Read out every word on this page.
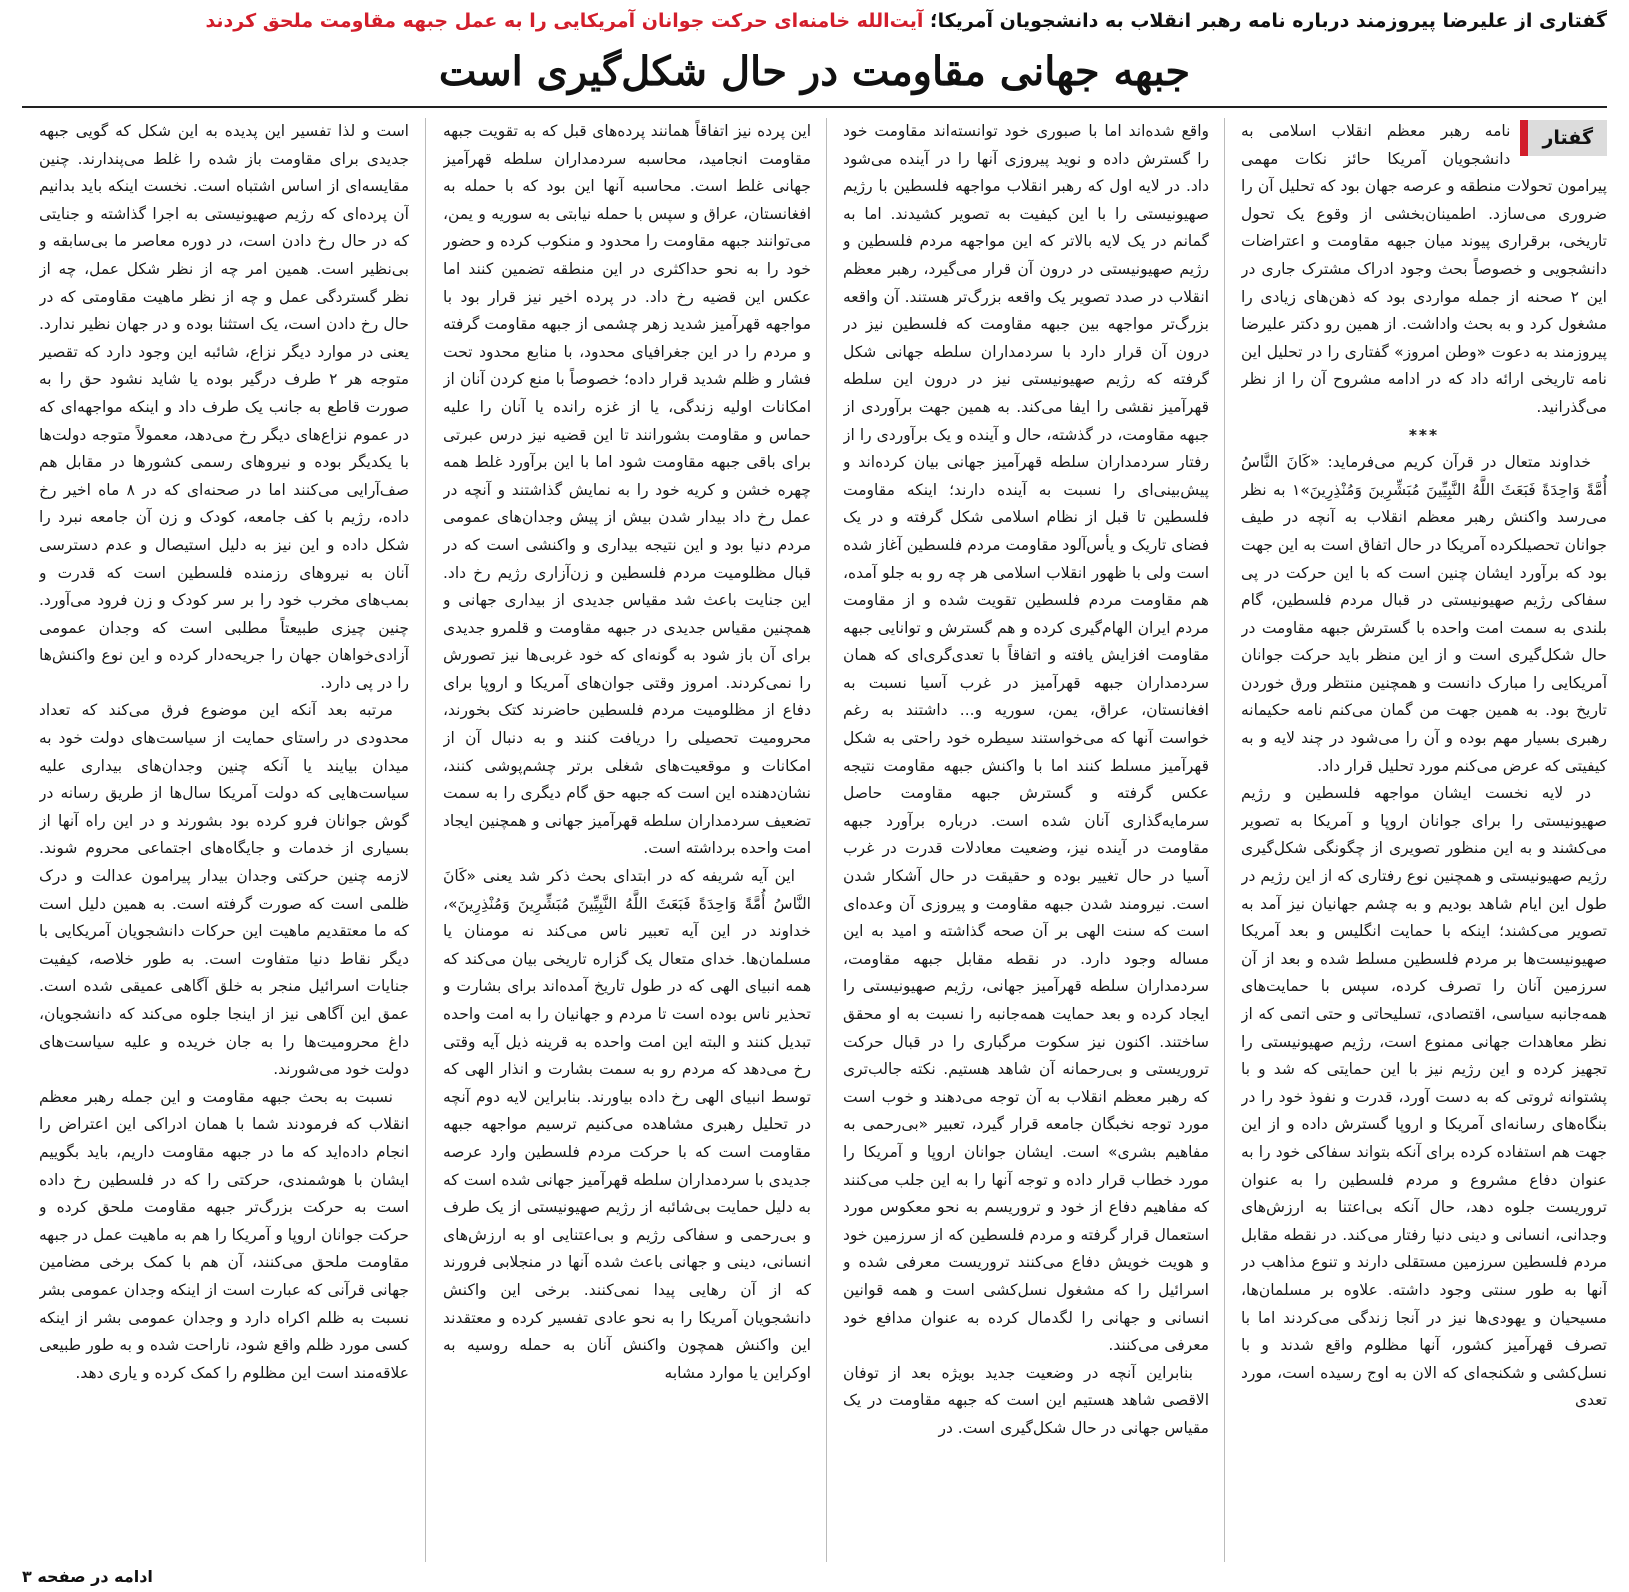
گفتاری از علیرضا پیروزمند درباره نامه رهبر انقلاب به دانشجویان آمریکا؛ آیت‌الله خامنه‌ای حرکت جوانان آمریکایی را به عمل جبهه مقاومت ملحق کردند
جبهه جهانی مقاومت در حال شکل‌گیری است
گفتار

نامه رهبر معظم انقلاب اسلامی به دانشجویان آمریکا حائز نکات مهمی پیرامون تحولات منطقه و عرصه جهان بود که تحلیل آن را ضروری می‌سازد. اطمینان‌بخشی از وقوع یک تحول تاریخی، برقراری پیوند میان جبهه مقاومت و اعتراضات دانشجویی و خصوصاً بحث وجود ادراک مشترک جاری در این ۲ صحنه از جمله مواردی بود که ذهن‌های زیادی را مشغول کرد و به بحث واداشت. از همین رو دکتر علیرضا پیروزمند به دعوت «وطن امروز» گفتاری را در تحلیل این نامه تاریخی ارائه داد که در ادامه مشروح آن را از نظر می‌گذرانید.

***

خداوند متعال در قرآن کریم می‌فرماید: «کَانَ النَّاسُ أُمَّةً وَاحِدَةً فَبَعَثَ اللَّهُ النَّبِيِّينَ مُبَشِّرِينَ وَمُنْذِرِينَ»۱ به نظر می‌رسد واکنش رهبر معظم انقلاب به آنچه در طیف جوانان تحصیلکرده آمریکا در حال اتفاق است به این جهت بود که برآورد ایشان چنین است که با این حرکت در پی سفاکی رژیم صهیونیستی در قبال مردم فلسطین، گام بلندی به سمت امت واحده با گسترش جبهه مقاومت در حال شکل‌گیری است و از این منظر باید حرکت جوانان آمریکایی را مبارک دانست و همچنین منتظر ورق خوردن تاریخ بود. به همین جهت من گمان می‌کنم نامه حکیمانه رهبری بسیار مهم بوده و آن را می‌شود در چند لایه و به کیفیتی که عرض می‌کنم مورد تحلیل قرار داد.

در لایه نخست ایشان مواجهه فلسطین و رژیم صهیونیستی را برای جوانان اروپا و آمریکا به تصویر می‌کشند و به این منظور تصویری از چگونگی شکل‌گیری رژیم صهیونیستی و همچنین نوع رفتاری که از این رژیم در طول این ایام شاهد بودیم و به چشم جهانیان نیز آمد به تصویر می‌کشند؛ اینکه با حمایت انگلیس و بعد آمریکا صهیونیست‌ها بر مردم فلسطین مسلط شده و بعد از آن سرزمین آنان را تصرف کرده، سپس با حمایت‌های همه‌جانبه سیاسی، اقتصادی، تسلیحاتی و حتی اتمی که از نظر معاهدات جهانی ممنوع است، رژیم صهیونیستی را تجهیز کرده و این رژیم نیز با این حمایتی که شد و با پشتوانه ثروتی که به دست آورد، قدرت و نفوذ خود را در بنگاه‌های رسانه‌ای آمریکا و اروپا گسترش داده و از این جهت هم استفاده کرده برای آنکه بتواند سفاکی خود را به عنوان دفاع مشروع و مردم فلسطین را به عنوان تروریست جلوه دهد، حال آنکه بی‌اعتنا به ارزش‌های وجدانی، انسانی و دینی دنیا رفتار می‌کند. در نقطه مقابل مردم فلسطین سرزمین مستقلی دارند و تنوع مذاهب در آنها به طور سنتی وجود داشته. علاوه بر مسلمان‌ها، مسیحیان و یهودی‌ها نیز در آنجا زندگی می‌کردند اما با تصرف قهرآمیز کشور، آنها مظلوم واقع شدند و با نسل‌کشی و شکنجه‌ای که الان به اوج رسیده است، مورد تعدی

واقع شده‌اند اما با صبوری خود توانسته‌اند مقاومت خود را گسترش داده و نوید پیروزی آنها را در آینده می‌شود داد. در لایه اول که رهبر انقلاب مواجهه فلسطین با رژیم صهیونیستی را با این کیفیت به تصویر کشیدند. اما به گمانم در یک لایه بالاتر که این مواجهه مردم فلسطین و رژیم صهیونیستی در درون آن قرار می‌گیرد، رهبر معظم انقلاب در صدد تصویر یک واقعه بزرگ‌تر هستند. آن واقعه بزرگ‌تر مواجهه بین جبهه مقاومت که فلسطین نیز در درون آن قرار دارد با سردمداران سلطه جهانی شکل گرفته که رژیم صهیونیستی نیز در درون این سلطه قهرآمیز نقشی را ایفا می‌کند. به همین جهت برآوردی از جبهه مقاومت، در گذشته، حال و آینده و یک برآوردی را از رفتار سردمداران سلطه قهرآمیز جهانی بیان کرده‌اند و پیش‌بینی‌ای را نسبت به آینده دارند؛ اینکه مقاومت فلسطین تا قبل از نظام اسلامی شکل گرفته و در یک فضای تاریک و یأس‌آلود مقاومت مردم فلسطین آغاز شده است ولی با ظهور انقلاب اسلامی هر چه رو به جلو آمده، هم مقاومت مردم فلسطین تقویت شده و از مقاومت مردم ایران الهام‌گیری کرده و هم گسترش و توانایی جبهه مقاومت افزایش یافته و اتفاقاً با تعدی‌گری‌ای که همان سردمداران جبهه قهرآمیز در غرب آسیا نسبت به افغانستان، عراق، یمن، سوریه و... داشتند به رغم خواست آنها که می‌خواستند سیطره خود راحتی به شکل قهرآمیز مسلط کنند اما با واکنش جبهه مقاومت نتیجه عکس گرفته و گسترش جبهه مقاومت حاصل سرمایه‌گذاری آنان شده است. درباره برآورد جبهه مقاومت در آینده نیز، وضعیت معادلات قدرت در غرب آسیا در حال تغییر بوده و حقیقت در حال آشکار شدن است. نیرومند شدن جبهه مقاومت و پیروزی آن وعده‌ای است که سنت الهی بر آن صحه گذاشته و امید به این مساله وجود دارد. در نقطه مقابل جبهه مقاومت، سردمداران سلطه قهرآمیز جهانی، رژیم صهیونیستی را ایجاد کرده و بعد حمایت همه‌جانبه را نسبت به او محقق ساختند. اکنون نیز سکوت مرگباری را در قبال حرکت تروریستی و بی‌رحمانه آن شاهد هستیم. نکته جالب‌تری که رهبر معظم انقلاب به آن توجه می‌دهند و خوب است مورد توجه نخبگان جامعه قرار گیرد، تعبیر «بی‌رحمی به مفاهیم بشری» است. ایشان جوانان اروپا و آمریکا را مورد خطاب قرار داده و توجه آنها را به این جلب می‌کنند که مفاهیم دفاع از خود و تروریسم به نحو معکوس مورد استعمال قرار گرفته و مردم فلسطین که از سرزمین خود و هویت خویش دفاع می‌کنند تروریست معرفی شده و اسرائیل را که مشغول نسل‌کشی است و همه قوانین انسانی و جهانی را لگدمال کرده به عنوان مدافع خود معرفی می‌کنند.

بنابراین آنچه در وضعیت جدید بویژه بعد از توفان الاقصی شاهد هستیم این است که جبهه مقاومت در یک مقیاس جهانی در حال شکل‌گیری است. در

این پرده نیز اتفاقاً همانند پرده‌های قبل که به تقویت جبهه مقاومت انجامید، محاسبه سردمداران سلطه قهرآمیز جهانی غلط است. محاسبه آنها این بود که با حمله به افغانستان، عراق و سپس با حمله نیابتی به سوریه و یمن، می‌توانند جبهه مقاومت را محدود و منکوب کرده و حضور خود را به نحو حداکثری در این منطقه تضمین کنند اما عکس این قضیه رخ داد. در پرده اخیر نیز قرار بود با مواجهه قهرآمیز شدید زهر چشمی از جبهه مقاومت گرفته و مردم را در این جغرافیای محدود، با منابع محدود تحت فشار و ظلم شدید قرار داده؛ خصوصاً با منع کردن آنان از امکانات اولیه زندگی، یا از غزه رانده یا آنان را علیه حماس و مقاومت بشورانند تا این قضیه نیز درس عبرتی برای باقی جبهه مقاومت شود اما با این برآورد غلط همه چهره خشن و کریه خود را به نمایش گذاشتند و آنچه در عمل رخ داد بیدار شدن بیش از پیش وجدان‌های عمومی مردم دنیا بود و این نتیجه بیداری و واکنشی است که در قبال مظلومیت مردم فلسطین و زن‌آزاری رژیم رخ داد. این جنایت باعث شد مقیاس جدیدی از بیداری جهانی و همچنین مقیاس جدیدی در جبهه مقاومت و قلمرو جدیدی برای آن باز شود به گونه‌ای که خود غربی‌ها نیز تصورش را نمی‌کردند. امروز وقتی جوان‌های آمریکا و اروپا برای دفاع از مظلومیت مردم فلسطین حاضرند کتک بخورند، محرومیت تحصیلی را دریافت کنند و به دنبال آن از امکانات و موقعیت‌های شغلی برتر چشم‌پوشی کنند، نشان‌دهنده این است که جبهه حق گام دیگری را به سمت تضعیف سردمداران سلطه قهرآمیز جهانی و همچنین ایجاد امت واحده برداشته است.

این آیه شریفه که در ابتدای بحث ذکر شد یعنی «کَانَ النَّاسُ أُمَّةً وَاحِدَةً فَبَعَثَ اللَّهُ النَّبِيِّينَ مُبَشِّرِينَ وَمُنْذِرِينَ»، خداوند در این آیه تعبیر ناس می‌کند نه مومنان یا مسلمان‌ها. خدای متعال یک گزاره تاریخی بیان می‌کند که همه انبیای الهی که در طول تاریخ آمده‌اند برای بشارت و تحذیر ناس بوده است تا مردم و جهانیان را به امت واحده تبدیل کنند و البته این امت واحده به قرینه ذیل آیه وقتی رخ می‌دهد که مردم رو به سمت بشارت و انذار الهی که توسط انبیای الهی رخ داده بیاورند. بنابراین لایه دوم آنچه در تحلیل رهبری مشاهده می‌کنیم ترسیم مواجهه جبهه مقاومت است که با حرکت مردم فلسطین وارد عرصه جدیدی با سردمداران سلطه قهرآمیز جهانی شده است که به دلیل حمایت بی‌شائبه از رژیم صهیونیستی از یک طرف و بی‌رحمی و سفاکی رژیم و بی‌اعتنایی او به ارزش‌های انسانی، دینی و جهانی باعث شده آنها در منجلابی فرورند که از آن رهایی پیدا نمی‌کنند. برخی این واکنش دانشجویان آمریکا را به نحو عادی تفسیر کرده و معتقدند این واکنش همچون واکنش آنان به حمله روسیه به اوکراین یا موارد مشابه

است و لذا تفسیر این پدیده به این شکل که گویی جبهه جدیدی برای مقاومت باز شده را غلط می‌پندارند. چنین مقایسه‌ای از اساس اشتباه است. نخست اینکه باید بدانیم آن پرده‌ای که رژیم صهیونیستی به اجرا گذاشته و جنایتی که در حال رخ دادن است، در دوره معاصر ما بی‌سابقه و بی‌نظیر است. همین امر چه از نظر شکل عمل، چه از نظر گستردگی عمل و چه از نظر ماهیت مقاومتی که در حال رخ دادن است، یک استثنا بوده و در جهان نظیر ندارد. یعنی در موارد دیگر نزاع، شائبه این وجود دارد که تقصیر متوجه هر ۲ طرف درگیر بوده یا شاید نشود حق را به صورت قاطع به جانب یک طرف داد و اینکه مواجهه‌ای که در عموم نزاع‌های دیگر رخ می‌دهد، معمولاً متوجه دولت‌ها با یکدیگر بوده و نیروهای رسمی کشورها در مقابل هم صف‌آرایی می‌کنند اما در صحنه‌ای که در ۸ ماه اخیر رخ داده، رژیم با کف جامعه، کودک و زن آن جامعه نبرد را شکل داده و این نیز به دلیل استیصال و عدم دسترسی آنان به نیروهای رزمنده فلسطین است که قدرت و بمب‌های مخرب خود را بر سر کودک و زن فرود می‌آورد. چنین چیزی طبیعتاً مطلبی است که وجدان عمومی آزادی‌خواهان جهان را جریحه‌دار کرده و این نوع واکنش‌ها را در پی دارد.

مرتبه بعد آنکه این موضوع فرق می‌کند که تعداد محدودی در راستای حمایت از سیاست‌های دولت خود به میدان بیایند یا آنکه چنین وجدان‌های بیداری علیه سیاست‌هایی که دولت آمریکا سال‌ها از طریق رسانه در گوش جوانان فرو کرده بود بشورند و در این راه آنها از بسیاری از خدمات و جایگاه‌های اجتماعی محروم شوند. لازمه چنین حرکتی وجدان بیدار پیرامون عدالت و درک ظلمی است که صورت گرفته است. به همین دلیل است که ما معتقدیم ماهیت این حرکات دانشجویان آمریکایی با دیگر نقاط دنیا متفاوت است. به طور خلاصه، کیفیت جنایات اسرائیل منجر به خلق آگاهی عمیقی شده است. عمق این آگاهی نیز از اینجا جلوه می‌کند که دانشجویان، داغ محرومیت‌ها را به جان خریده و علیه سیاست‌های دولت خود می‌شورند.

نسبت به بحث جبهه مقاومت و این جمله رهبر معظم انقلاب که فرمودند شما با همان ادراکی این اعتراض را انجام داده‌اید که ما در جبهه مقاومت داریم، باید بگوییم ایشان با هوشمندی، حرکتی را که در فلسطین رخ داده است به حرکت بزرگ‌تر جبهه مقاومت ملحق کرده و حرکت جوانان اروپا و آمریکا را هم به ماهیت عمل در جبهه مقاومت ملحق می‌کنند، آن هم با کمک برخی مضامین جهانی قرآنی که عبارت است از اینکه وجدان عمومی بشر نسبت به ظلم اکراه دارد و وجدان عمومی بشر از اینکه کسی مورد ظلم واقع شود، ناراحت شده و به طور طبیعی علاقه‌مند است این مظلوم را کمک کرده و یاری دهد.

ادامه در صفحه ۳
